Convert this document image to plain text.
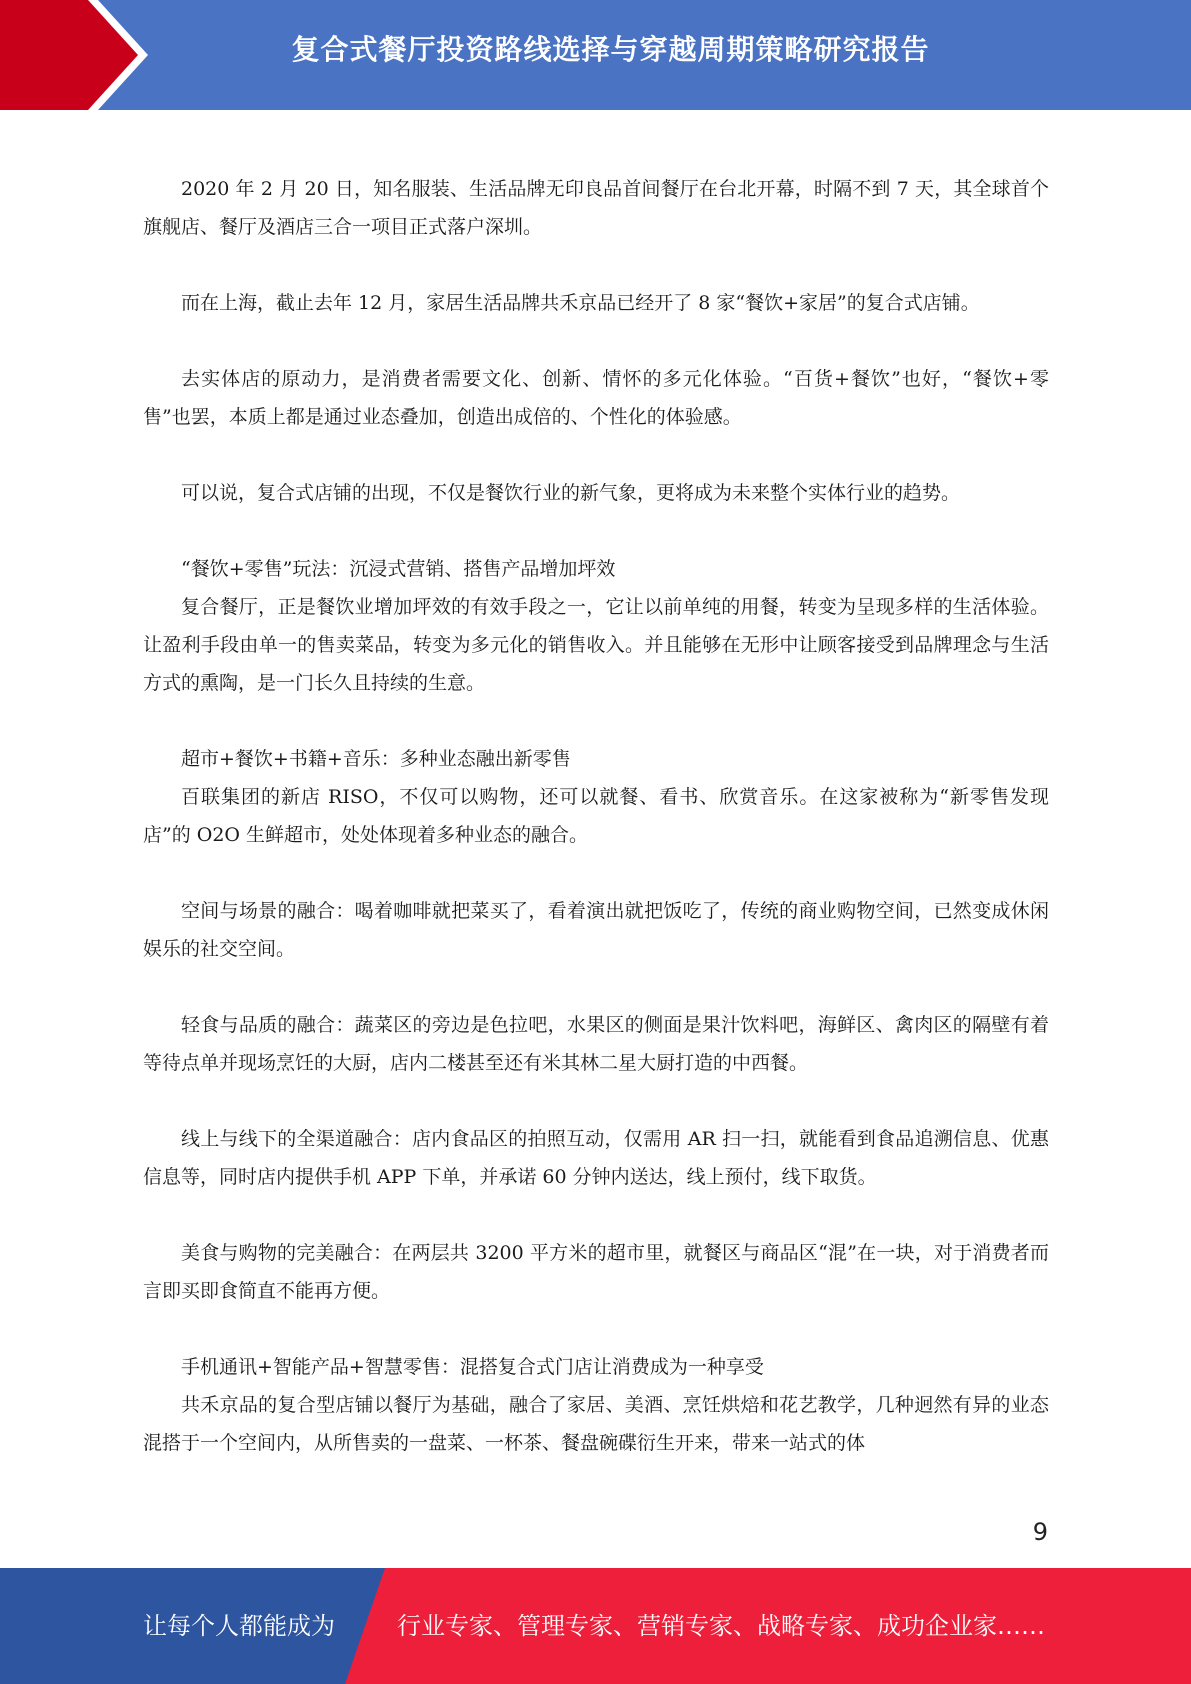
复合式餐厅投资路线选择与穿越周期策略研究报告

2020 年 2 月 20 日，知名服装、生活品牌无印良品首间餐厅在台北开幕，时隔不到 7 天，其全球首个旗舰店、餐厅及酒店三合一项目正式落户深圳。

而在上海，截止去年 12 月，家居生活品牌共禾京品已经开了 8 家“餐饮+家居”的复合式店铺。

去实体店的原动力，是消费者需要文化、创新、情怀的多元化体验。“百货+餐饮”也好，“餐饮+零售”也罢，本质上都是通过业态叠加，创造出成倍的、个性化的体验感。

可以说，复合式店铺的出现，不仅是餐饮行业的新气象，更将成为未来整个实体行业的趋势。

“餐饮+零售”玩法：沉浸式营销、搭售产品增加坪效

复合餐厅，正是餐饮业增加坪效的有效手段之一，它让以前单纯的用餐，转变为呈现多样的生活体验。让盈利手段由单一的售卖菜品，转变为多元化的销售收入。并且能够在无形中让顾客接受到品牌理念与生活方式的熏陶，是一门长久且持续的生意。

超市+餐饮+书籍+音乐：多种业态融出新零售

百联集团的新店 RISO，不仅可以购物，还可以就餐、看书、欣赏音乐。在这家被称为“新零售发现店”的 O2O 生鲜超市，处处体现着多种业态的融合。

空间与场景的融合：喝着咖啡就把菜买了，看着演出就把饭吃了，传统的商业购物空间，已然变成休闲娱乐的社交空间。

轻食与品质的融合：蔬菜区的旁边是色拉吧，水果区的侧面是果汁饮料吧，海鲜区、禽肉区的隔壁有着等待点单并现场烹饪的大厨，店内二楼甚至还有米其林二星大厨打造的中西餐。

线上与线下的全渠道融合：店内食品区的拍照互动，仅需用 AR 扫一扫，就能看到食品追溯信息、优惠信息等，同时店内提供手机 APP 下单，并承诺 60 分钟内送达，线上预付，线下取货。

美食与购物的完美融合：在两层共 3200 平方米的超市里，就餐区与商品区“混”在一块，对于消费者而言即买即食简直不能再方便。

手机通讯+智能产品+智慧零售：混搭复合式门店让消费成为一种享受

共禾京品的复合型店铺以餐厅为基础，融合了家居、美酒、烹饪烘焙和花艺教学，几种迥然有异的业态混搭于一个空间内，从所售卖的一盘菜、一杯茶、餐盘碗碟衍生开来，带来一站式的体

9
让每个人都能成为	行业专家、管理专家、营销专家、战略专家、成功企业家……
